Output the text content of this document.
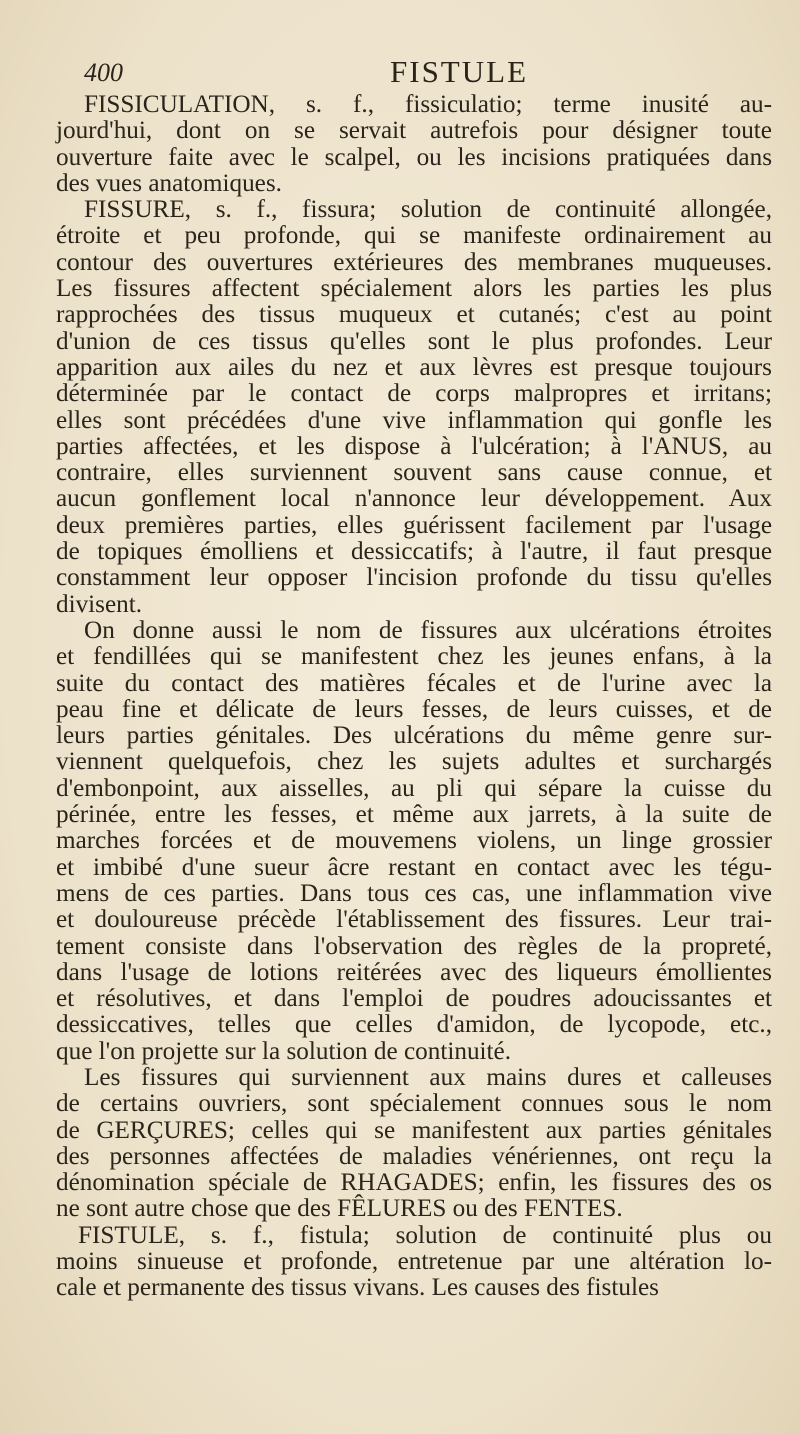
400	FISTULE
FISSICULATION, s. f., fissiculatio; terme inusité au-
jourd'hui, dont on se servait autrefois pour désigner toute
ouverture faite avec le scalpel, ou les incisions pratiquées dans
des vues anatomiques.
FISSURE, s. f., fissura; solution de continuité allongée,
étroite et peu profonde, qui se manifeste ordinairement au
contour des ouvertures extérieures des membranes muqueuses.
Les fissures affectent spécialement alors les parties les plus
rapprochées des tissus muqueux et cutanés; c'est au point
d'union de ces tissus qu'elles sont le plus profondes. Leur
apparition aux ailes du nez et aux lèvres est presque toujours
déterminée par le contact de corps malpropres et irritans;
elles sont précédées d'une vive inflammation qui gonfle les
parties affectées, et les dispose à l'ulcération; à l'ANUS, au
contraire, elles surviennent souvent sans cause connue, et
aucun gonflement local n'annonce leur développement. Aux
deux premières parties, elles guérissent facilement par l'usage
de topiques émolliens et dessiccatifs; à l'autre, il faut presque
constamment leur opposer l'incision profonde du tissu qu'elles
divisent.
On donne aussi le nom de fissures aux ulcérations étroites
et fendillées qui se manifestent chez les jeunes enfans, à la
suite du contact des matières fécales et de l'urine avec la
peau fine et délicate de leurs fesses, de leurs cuisses, et de
leurs parties génitales. Des ulcérations du même genre sur-
viennent quelquefois, chez les sujets adultes et surchargés
d'embonpoint, aux aisselles, au pli qui sépare la cuisse du
périnée, entre les fesses, et même aux jarrets, à la suite de
marches forcées et de mouvemens violens, un linge grossier
et imbibé d'une sueur âcre restant en contact avec les tégu-
mens de ces parties. Dans tous ces cas, une inflammation vive
et douloureuse précède l'établissement des fissures. Leur trai-
tement consiste dans l'observation des règles de la propreté,
dans l'usage de lotions reitérées avec des liqueurs émollientes
et résolutives, et dans l'emploi de poudres adoucissantes et
dessiccatives, telles que celles d'amidon, de lycopode, etc.,
que l'on projette sur la solution de continuité.
Les fissures qui surviennent aux mains dures et calleuses
de certains ouvriers, sont spécialement connues sous le nom
de GERÇURES; celles qui se manifestent aux parties génitales
des personnes affectées de maladies vénériennes, ont reçu la
dénomination spéciale de RHAGADES; enfin, les fissures des os
ne sont autre chose que des FÊLURES ou des FENTES.
FISTULE, s. f., fistula; solution de continuité plus ou
moins sinueuse et profonde, entretenue par une altération lo-
cale et permanente des tissus vivans. Les causes des fistules
